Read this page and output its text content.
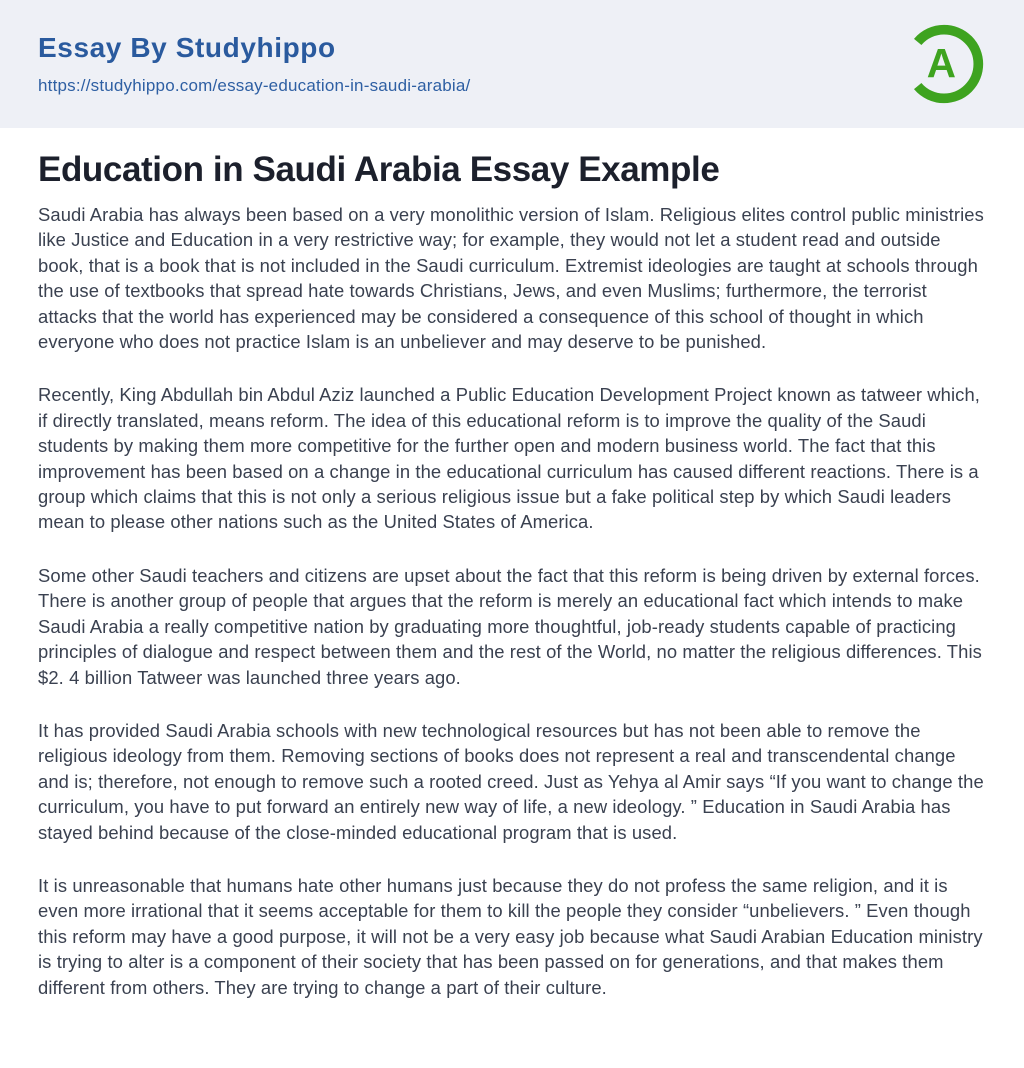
Essay By Studyhippo
https://studyhippo.com/essay-education-in-saudi-arabia/	A
Education in Saudi Arabia Essay Example

Saudi Arabia has always been based on a very monolithic version of Islam. Religious elites control public ministries like Justice and Education in a very restrictive way; for example, they would not let a student read and outside book, that is a book that is not included in the Saudi curriculum. Extremist ideologies are taught at schools through the use of textbooks that spread hate towards Christians, Jews, and even Muslims; furthermore, the terrorist attacks that the world has experienced may be considered a consequence of this school of thought in which everyone who does not practice Islam is an unbeliever and may deserve to be punished.

Recently, King Abdullah bin Abdul Aziz launched a Public Education Development Project known as tatweer which, if directly translated, means reform. The idea of this educational reform is to improve the quality of the Saudi students by making them more competitive for the further open and modern business world. The fact that this improvement has been based on a change in the educational curriculum has caused different reactions. There is a group which claims that this is not only a serious religious issue but a fake political step by which Saudi leaders mean to please other nations such as the United States of America.

Some other Saudi teachers and citizens are upset about the fact that this reform is being driven by external forces. There is another group of people that argues that the reform is merely an educational fact which intends to make Saudi Arabia a really competitive nation by graduating more thoughtful, job-ready students capable of practicing principles of dialogue and respect between them and the rest of the World, no matter the religious differences. This $2. 4 billion Tatweer was launched three years ago.

It has provided Saudi Arabia schools with new technological resources but has not been able to remove the religious ideology from them. Removing sections of books does not represent a real and transcendental change and is; therefore, not enough to remove such a rooted creed. Just as Yehya al Amir says “If you want to change the curriculum, you have to put forward an entirely new way of life, a new ideology. ” Education in Saudi Arabia has stayed behind because of the close-minded educational program that is used.

It is unreasonable that humans hate other humans just because they do not profess the same religion, and it is even more irrational that it seems acceptable for them to kill the people they consider “unbelievers. ” Even though this reform may have a good purpose, it will not be a very easy job because what Saudi Arabian Education ministry is trying to alter is a component of their society that has been passed on for generations, and that makes them different from others. They are trying to change a part of their culture.
